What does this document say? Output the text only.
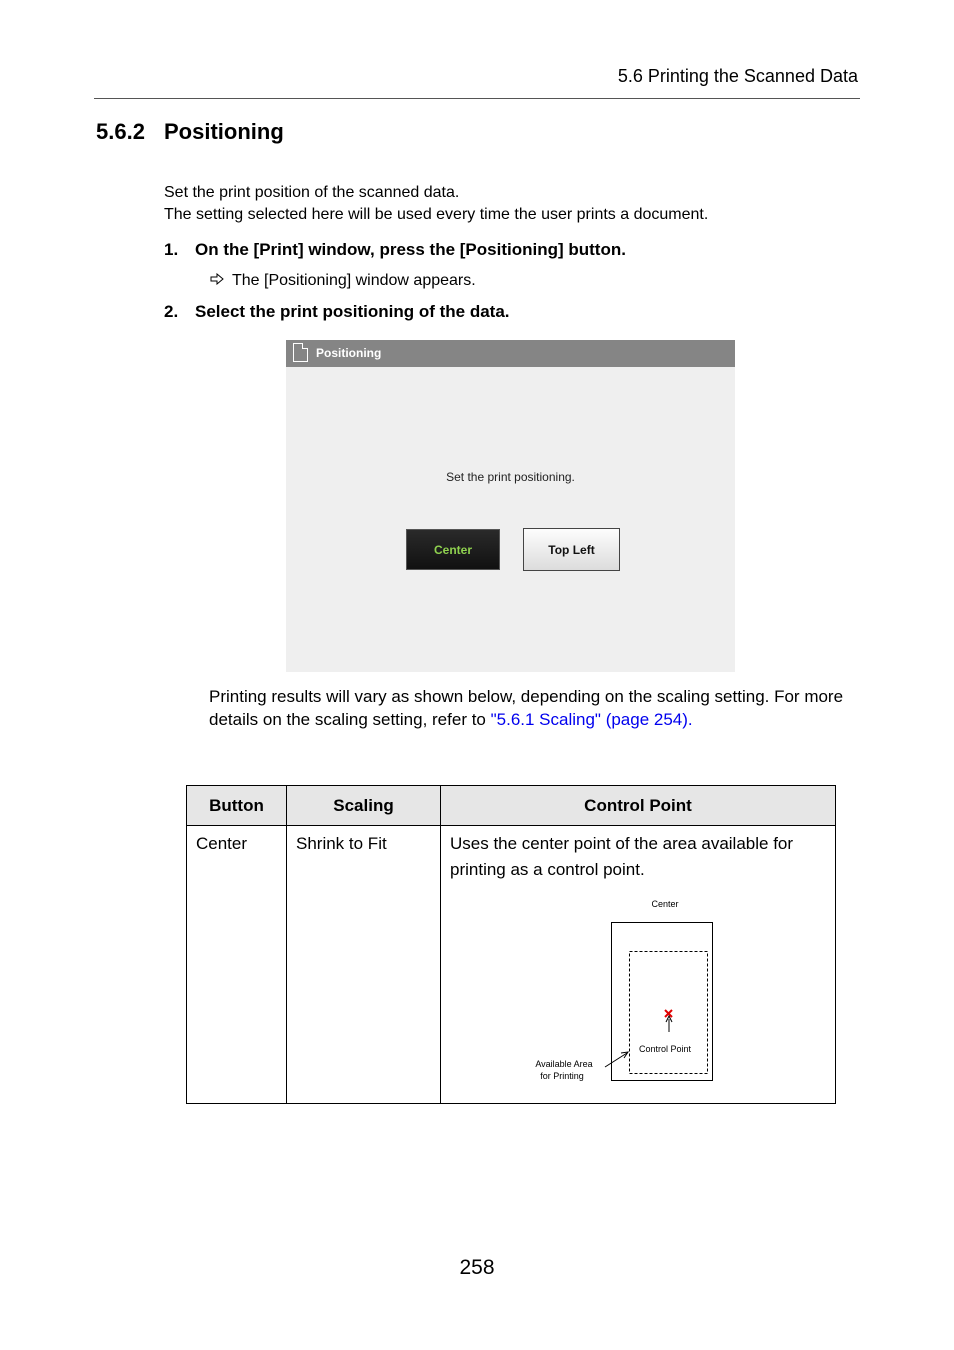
5.6 Printing the Scanned Data
5.6.2 Positioning
Set the print position of the scanned data.
The setting selected here will be used every time the user prints a document.
1. On the [Print] window, press the [Positioning] button.
The [Positioning] window appears.
2. Select the print positioning of the data.
Positioning
Set the print positioning.
Center	Top Left
Printing results will vary as shown below, depending on the scaling setting. For more details on the scaling setting, refer to "5.6.1 Scaling" (page 254).
Button	Scaling	Control Point
Center	Shrink to Fit	Uses the center point of the area available for printing as a control point.
Center
Control Point
Available Area
for Printing
258
